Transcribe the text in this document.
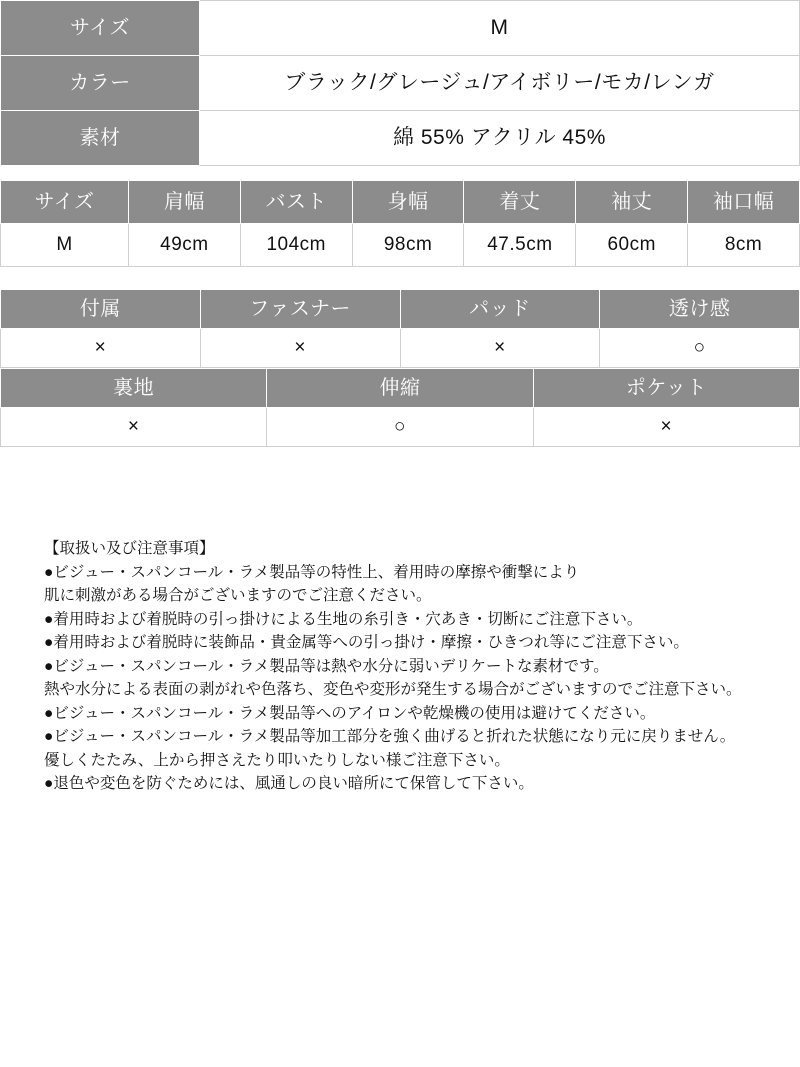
サイズ	M
カラー	ブラック/グレージュ/アイボリー/モカ/レンガ
素材	綿 55% アクリル 45%
サイズ	肩幅	バスト	身幅	着丈	袖丈	袖口幅
M	49cm	104cm	98cm	47.5cm	60cm	8cm
付属	ファスナー	パッド	透け感
×	×	×	○
裏地	伸縮	ポケット
×	○	×
【取扱い及び注意事項】
●ビジュー・スパンコール・ラメ製品等の特性上、着用時の摩擦や衝撃により
肌に刺激がある場合がございますのでご注意ください。
●着用時および着脱時の引っ掛けによる生地の糸引き・穴あき・切断にご注意下さい。
●着用時および着脱時に装飾品・貴金属等への引っ掛け・摩擦・ひきつれ等にご注意下さい。
●ビジュー・スパンコール・ラメ製品等は熱や水分に弱いデリケートな素材です。
熱や水分による表面の剥がれや色落ち、変色や変形が発生する場合がございますのでご注意下さい。
●ビジュー・スパンコール・ラメ製品等へのアイロンや乾燥機の使用は避けてください。
●ビジュー・スパンコール・ラメ製品等加工部分を強く曲げると折れた状態になり元に戻りません。
優しくたたみ、上から押さえたり叩いたりしない様ご注意下さい。
●退色や変色を防ぐためには、風通しの良い暗所にて保管して下さい。
